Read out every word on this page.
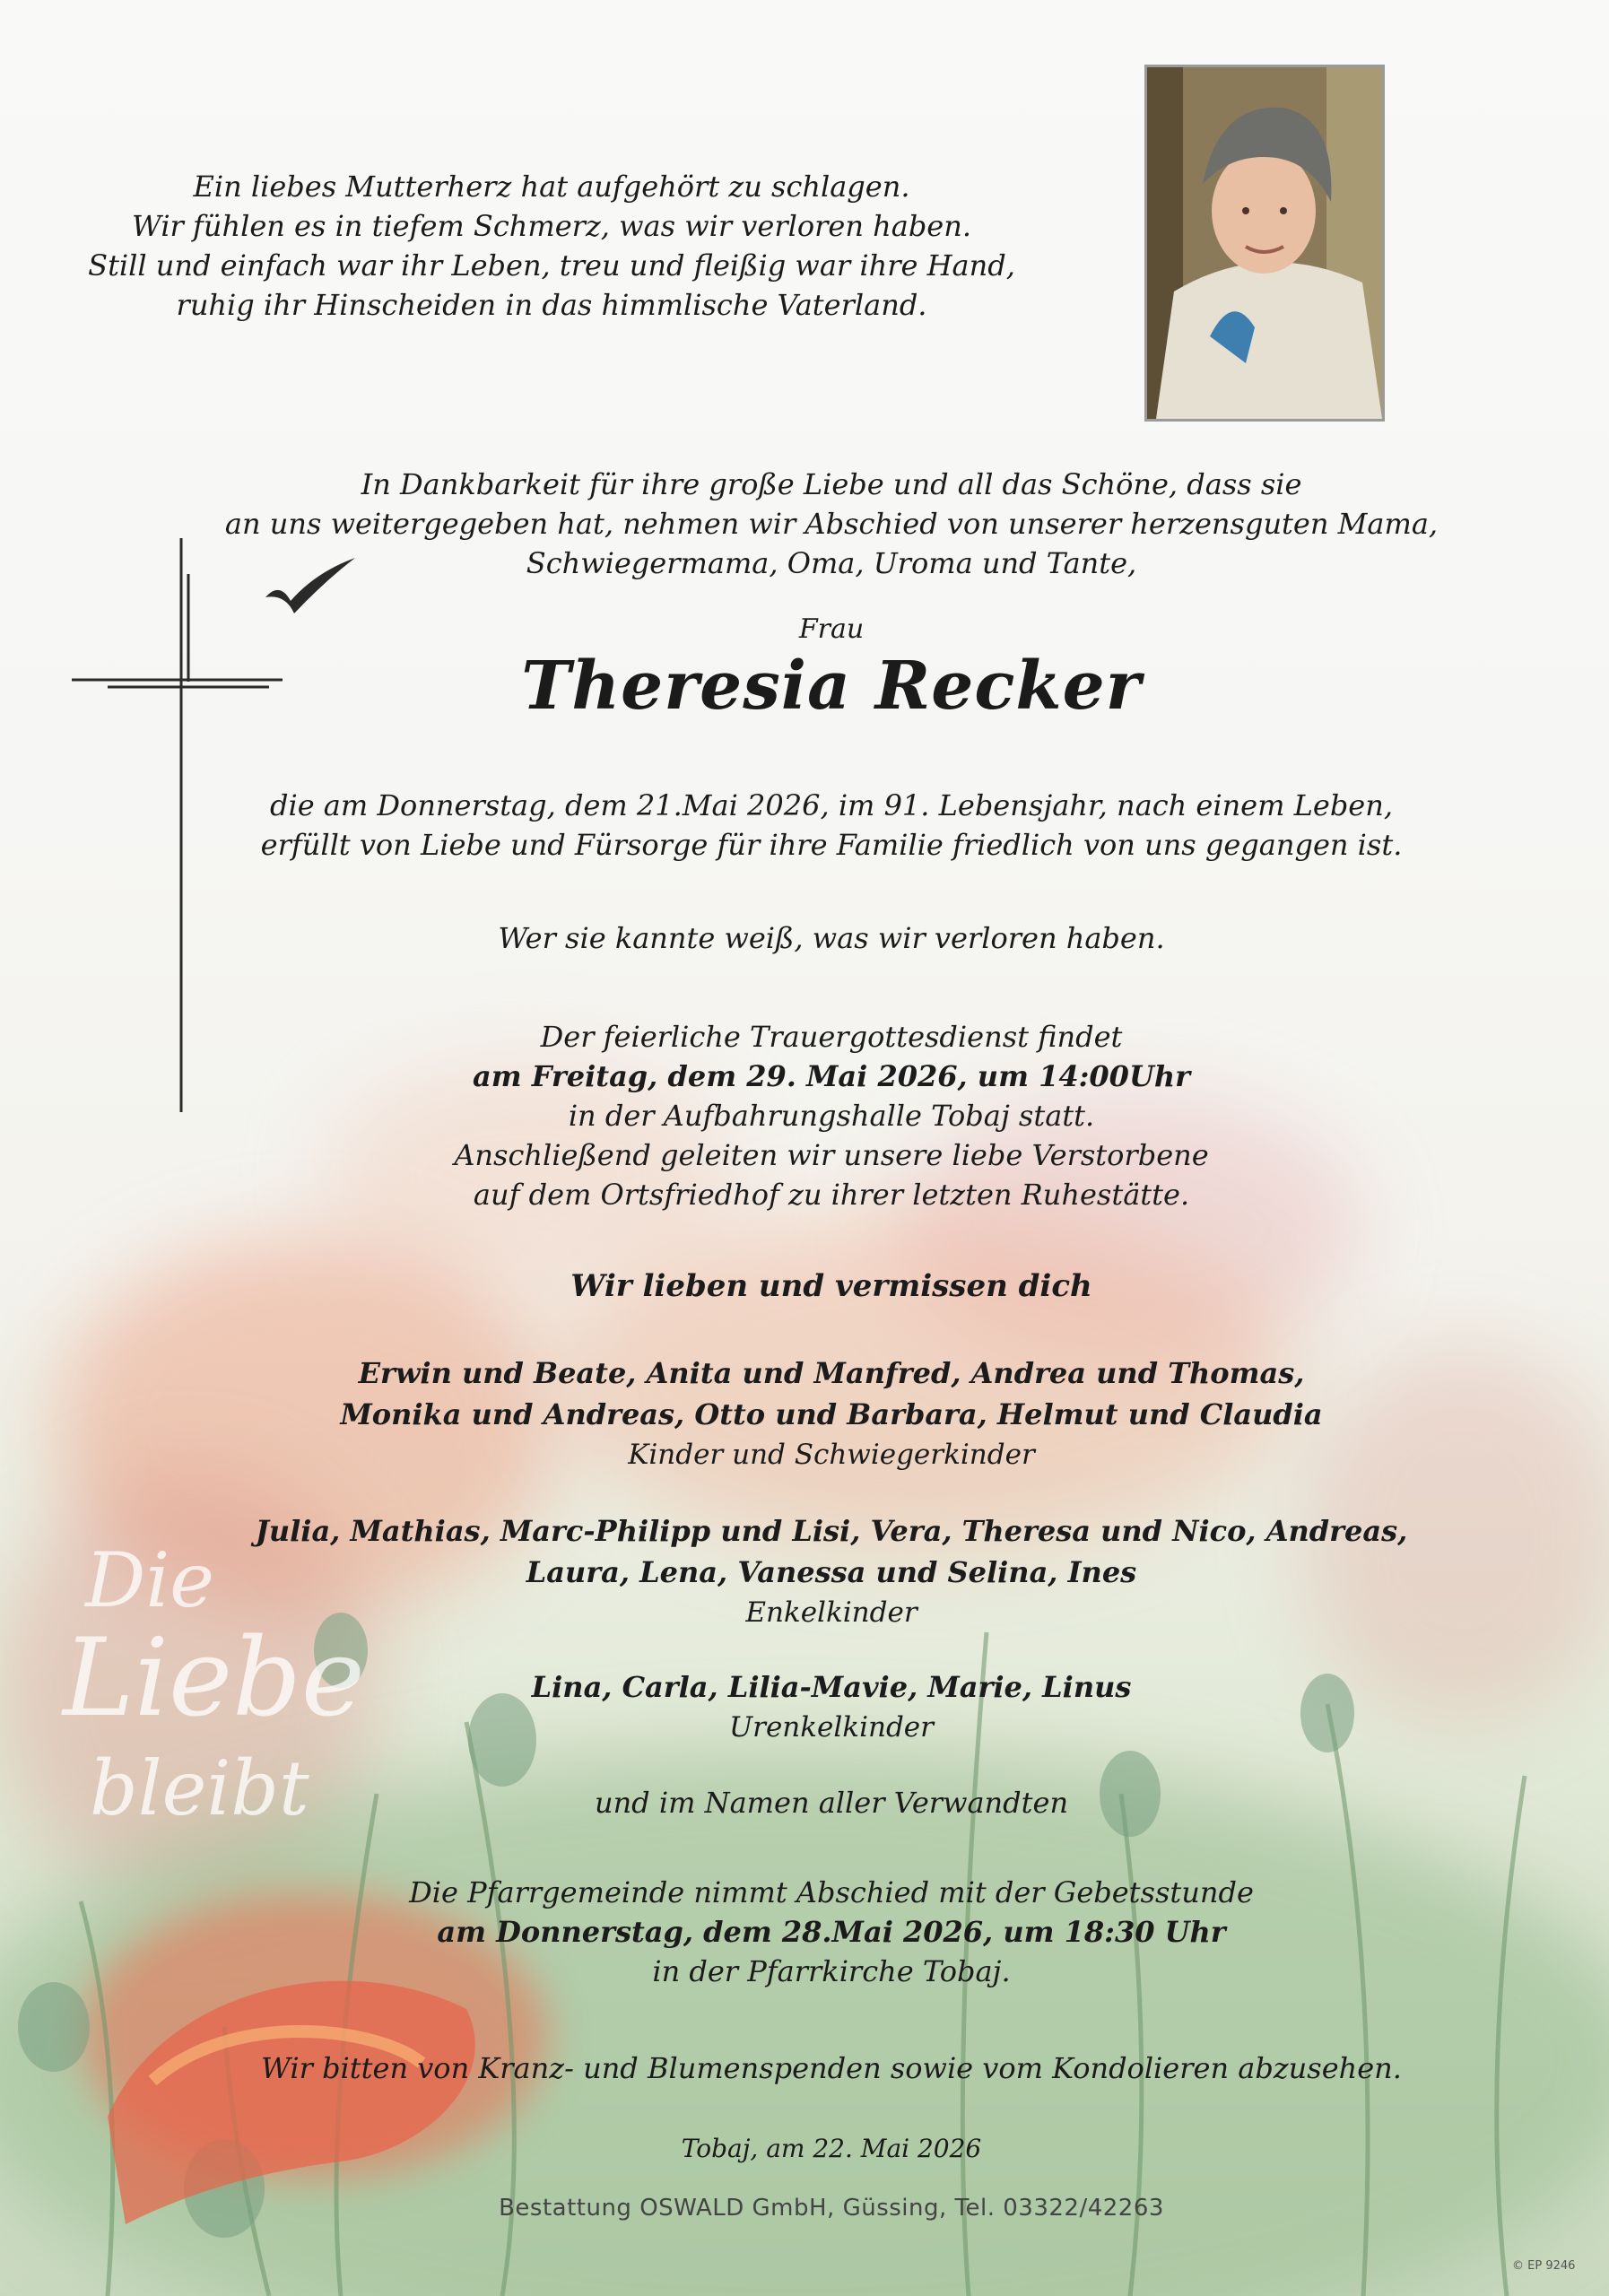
Die
Liebe
bleibt
Ein liebes Mutterherz hat aufgehört zu schlagen.
Wir fühlen es in tiefem Schmerz, was wir verloren haben.
Still und einfach war ihr Leben, treu und fleißig war ihre Hand,
ruhig ihr Hinscheiden in das himmlische Vaterland.
In Dankbarkeit für ihre große Liebe und all das Schöne, dass sie
an uns weitergegeben hat, nehmen wir Abschied von unserer herzensguten Mama,
Schwiegermama, Oma, Uroma und Tante,
Frau
Theresia Recker
die am Donnerstag, dem 21.Mai 2026, im 91. Lebensjahr, nach einem Leben,
erfüllt von Liebe und Fürsorge für ihre Familie friedlich von uns gegangen ist.
Wer sie kannte weiß, was wir verloren haben.
Der feierliche Trauergottesdienst findet
am Freitag, dem 29. Mai 2026, um 14:00Uhr
in der Aufbahrungshalle Tobaj statt.
Anschließend geleiten wir unsere liebe Verstorbene
auf dem Ortsfriedhof zu ihrer letzten Ruhestätte.
Wir lieben und vermissen dich
Erwin und Beate, Anita und Manfred, Andrea und Thomas,
Monika und Andreas, Otto und Barbara, Helmut und Claudia
Kinder und Schwiegerkinder
Julia, Mathias, Marc-Philipp und Lisi, Vera, Theresa und Nico, Andreas,
Laura, Lena, Vanessa und Selina, Ines
Enkelkinder
Lina, Carla, Lilia-Mavie, Marie, Linus
Urenkelkinder
und im Namen aller Verwandten
Die Pfarrgemeinde nimmt Abschied mit der Gebetsstunde
am Donnerstag, dem 28.Mai 2026, um 18:30 Uhr
in der Pfarrkirche Tobaj.
Wir bitten von Kranz- und Blumenspenden sowie vom Kondolieren abzusehen.
Tobaj, am 22. Mai 2026
Bestattung OSWALD GmbH, Güssing, Tel. 03322/42263
© EP 9246
